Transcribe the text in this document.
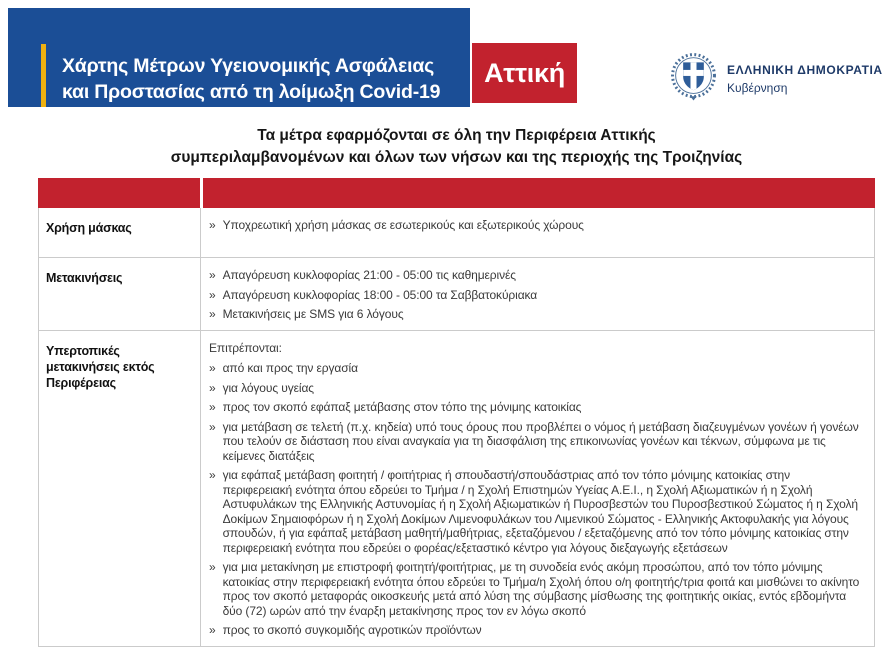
Χάρτης Μέτρων Υγειονομικής Ασφάλειας
και Προστασίας από τη λοίμωξη Covid-19
Αττική	ΕΛΛΗΝΙΚΗ ΔΗΜΟΚΡΑΤΙΑ
Κυβέρνηση
Τα μέτρα εφαρμόζονται σε όλη την Περιφέρεια Αττικής
συμπεριλαμβανομένων και όλων των νήσων και της περιοχής της Τροιζηνίας
Χρήση μάσκας	» Υποχρεωτική χρήση μάσκας σε εσωτερικούς και εξωτερικούς χώρους
Μετακινήσεις	» Απαγόρευση κυκλοφορίας 21:00 - 05:00 τις καθημερινές
» Απαγόρευση κυκλοφορίας 18:00 - 05:00 τα Σαββατοκύριακα
» Μετακινήσεις με SMS για 6 λόγους
Υπερτοπικές μετακινήσεις εκτός Περιφέρειας
Επιτρέπονται:
» από και προς την εργασία
» για λόγους υγείας
» προς τον σκοπό εφάπαξ μετάβασης στον τόπο της μόνιμης κατοικίας
» για μετάβαση σε τελετή (π.χ. κηδεία) υπό τους όρους που προβλέπει ο νόμος ή μετάβαση διαζευγμένων γονέων ή γονέων που τελούν σε διάσταση που είναι αναγκαία για τη διασφάλιση της επικοινωνίας γονέων και τέκνων, σύμφωνα με τις κείμενες διατάξεις
» για εφάπαξ μετάβαση φοιτητή / φοιτήτριας ή σπουδαστή/σπουδάστριας από τον τόπο μόνιμης κατοικίας στην περιφερειακή ενότητα όπου εδρεύει το Τμήμα / η Σχολή Επιστημών Υγείας Α.Ε.Ι., η Σχολή Αξιωματικών ή η Σχολή Αστυφυλάκων της Ελληνικής Αστυνομίας ή η Σχολή Αξιωματικών ή Πυροσβεστών του Πυροσβεστικού Σώματος ή η Σχολή Δοκίμων Σημαιοφόρων ή η Σχολή Δοκίμων Λιμενοφυλάκων του Λιμενικού Σώματος - Ελληνικής Ακτοφυλακής για λόγους σπουδών, ή για εφάπαξ μετάβαση μαθητή/μαθήτριας, εξεταζόμενου / εξεταζόμενης από τον τόπο μόνιμης κατοικίας στην περιφερειακή ενότητα που εδρεύει ο φορέας/εξεταστικό κέντρο για λόγους διεξαγωγής εξετάσεων
» για μια μετακίνηση με επιστροφή φοιτητή/φοιτήτριας, με τη συνοδεία ενός ακόμη προσώπου, από τον τόπο μόνιμης κατοικίας στην περιφερειακή ενότητα όπου εδρεύει το Τμήμα/η Σχολή όπου ο/η φοιτητής/τρια φοιτά και μισθώνει το ακίνητο προς τον σκοπό μεταφοράς οικοσκευής μετά από λύση της σύμβασης μίσθωσης της φοιτητικής οικίας, εντός εβδομήντα δύο (72) ωρών από την έναρξη μετακίνησης προς τον εν λόγω σκοπό
» προς το σκοπό συγκομιδής αγροτικών προϊόντων
